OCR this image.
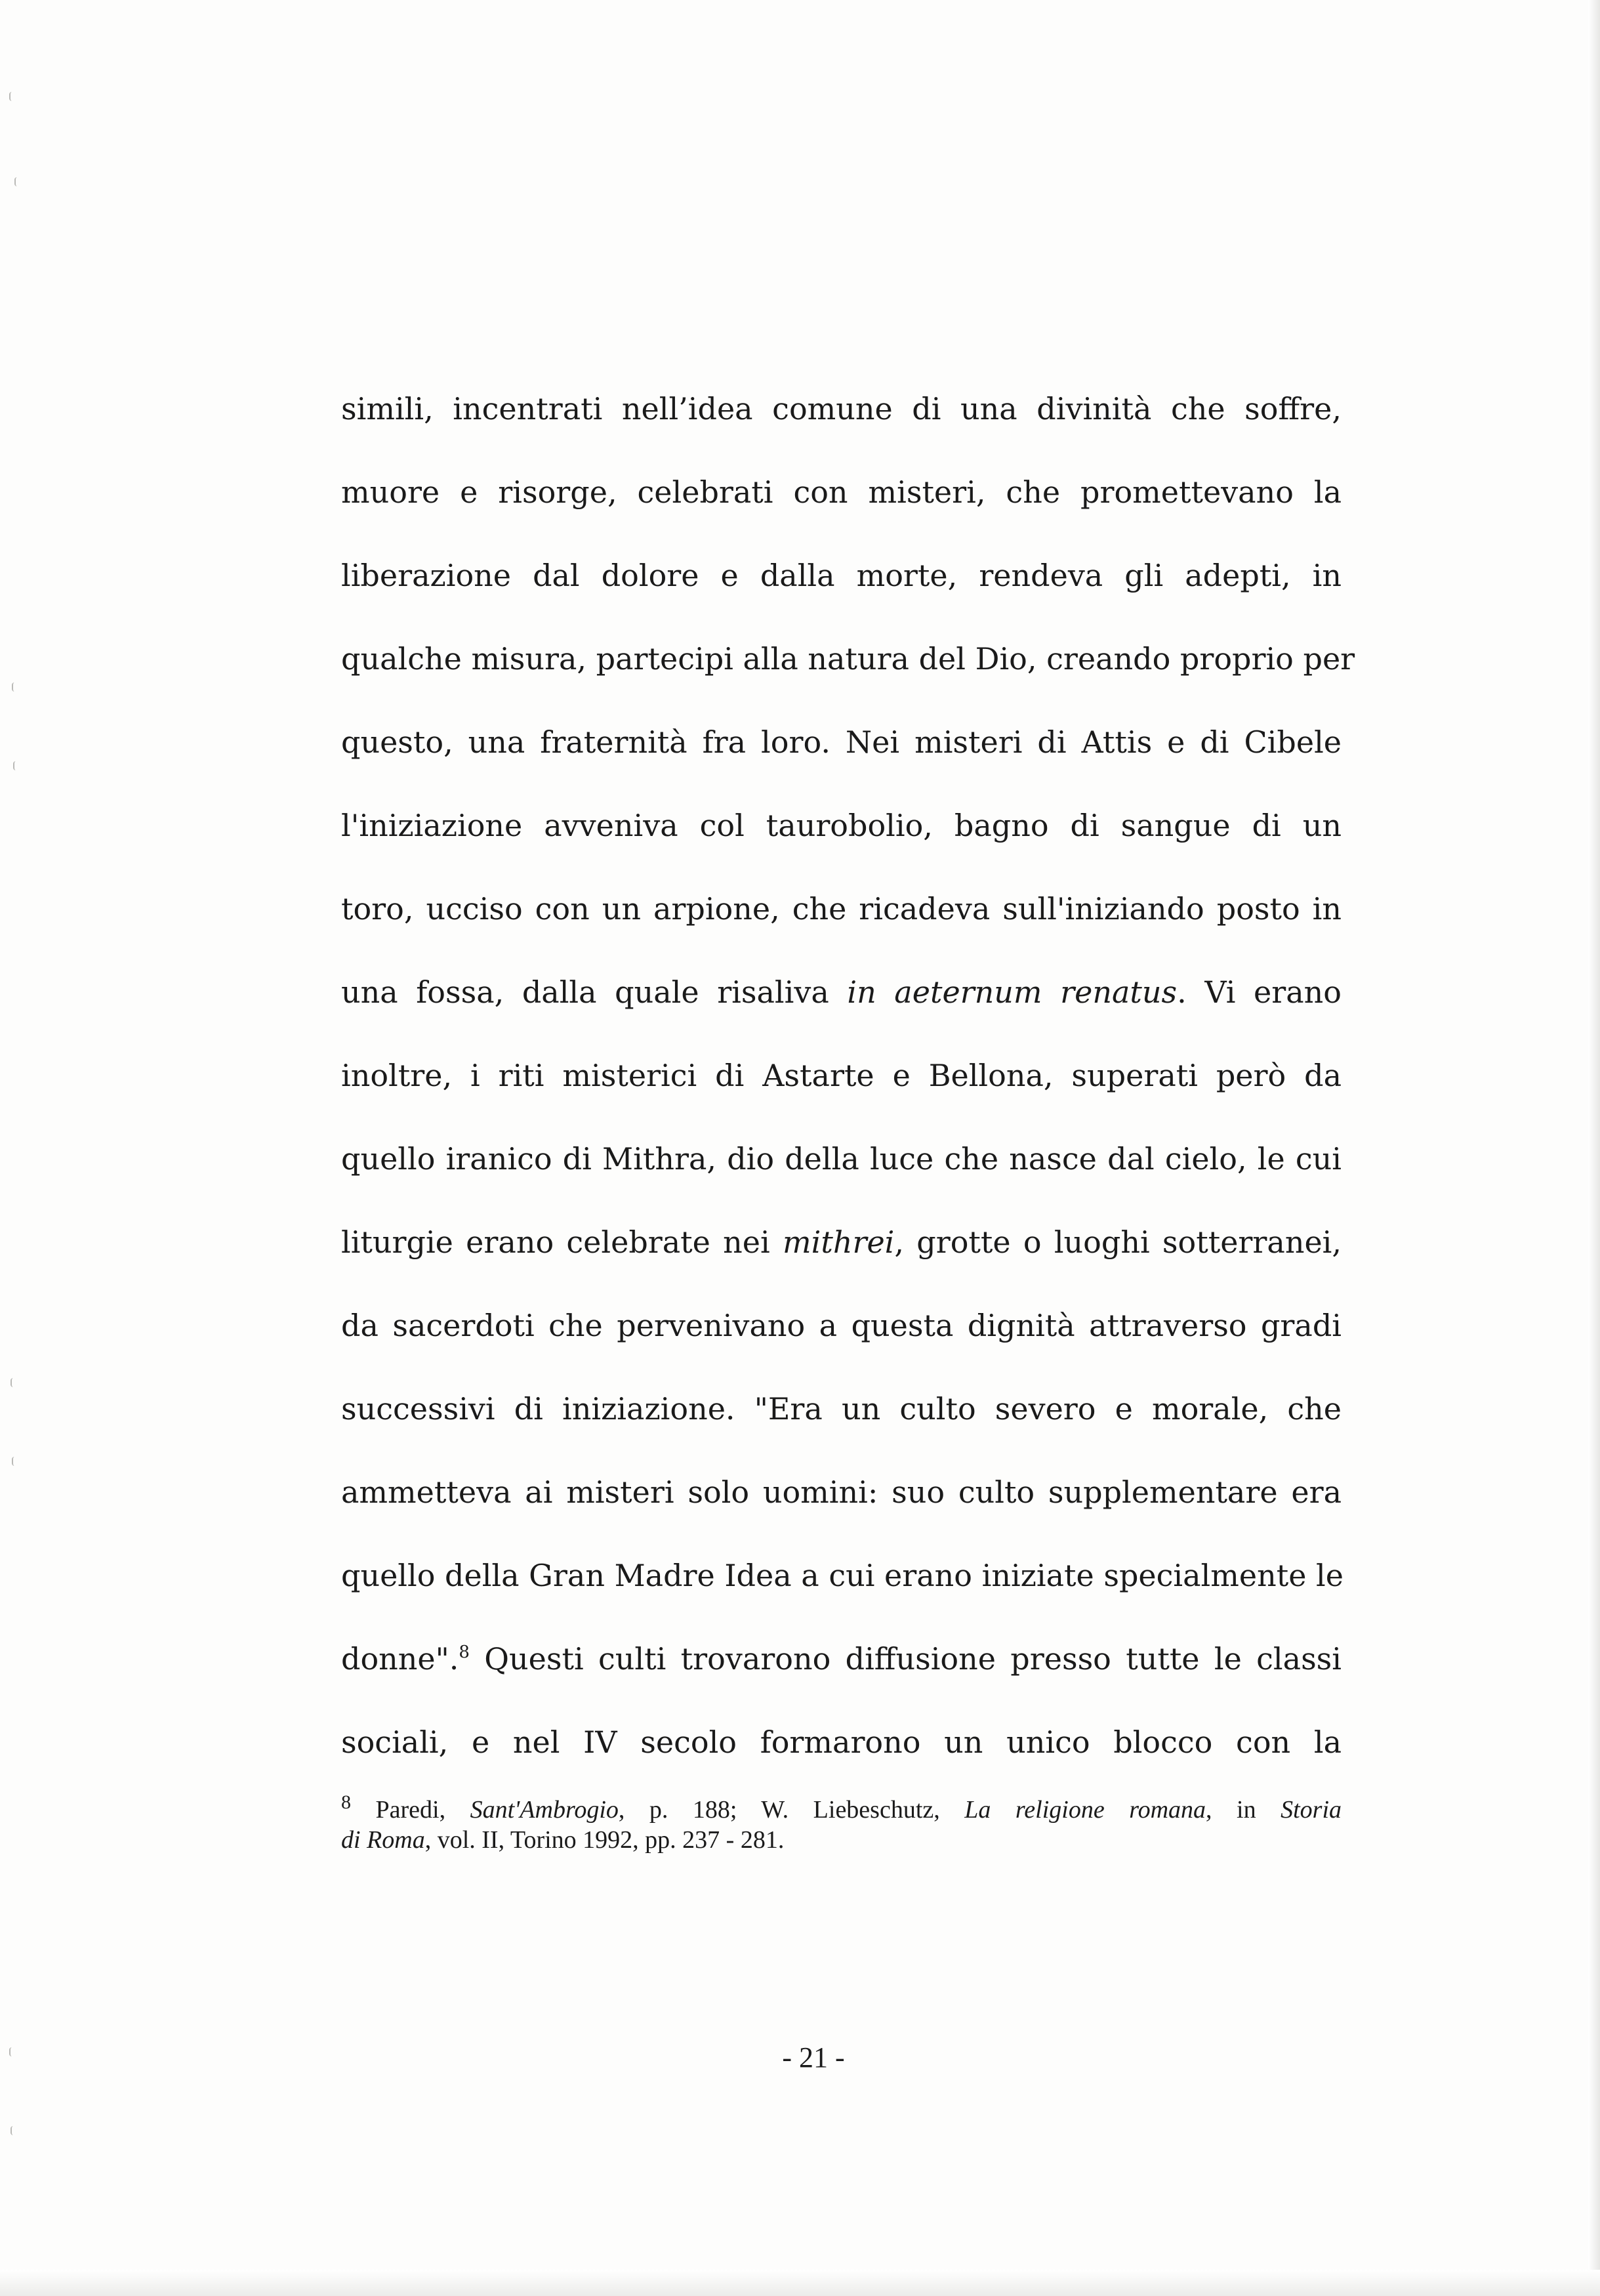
simili, incentrati nell’idea comune di una divinità che soffre,
muore e risorge, celebrati con misteri, che promettevano la
liberazione dal dolore e dalla morte, rendeva gli adepti, in
qualche misura, partecipi alla natura del Dio, creando proprio per
questo, una fraternità fra loro. Nei misteri di Attis e di Cibele
l'iniziazione avveniva col taurobolio, bagno di sangue di un
toro, ucciso con un arpione, che ricadeva sull'iniziando posto in
una fossa, dalla quale risaliva in aeternum renatus. Vi erano
inoltre, i riti misterici di Astarte e Bellona, superati però da
quello iranico di Mithra, dio della luce che nasce dal cielo, le cui
liturgie erano celebrate nei mithrei, grotte o luoghi sotterranei,
da sacerdoti che pervenivano a questa dignità attraverso gradi
successivi di iniziazione. "Era un culto severo e morale, che
ammetteva ai misteri solo uomini: suo culto supplementare era
quello della Gran Madre Idea a cui erano iniziate specialmente le
donne".$^8$ Questi culti trovarono diffusione presso tutte le classi
sociali, e nel IV secolo formarono un unico blocco con la
$^8$ Paredi, Sant'Ambrogio, p. 188; W. Liebeschutz, La religione romana, in Storia
di Roma, vol. II, Torino 1992, pp. 237 - 281.
- 21 -
